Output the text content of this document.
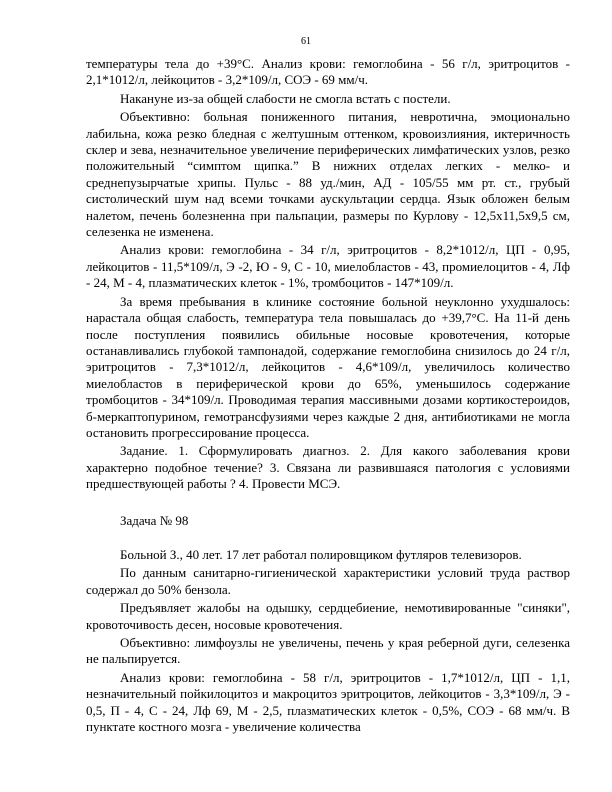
61

температуры тела до +39°С. Анализ крови: гемоглобина - 56 г/л, эритроцитов - 2,1*1012/л, лейкоцитов - 3,2*109/л, СОЭ - 69 мм/ч.

Накануне из-за общей слабости не смогла встать с постели.

Объективно: больная пониженного питания, невротична, эмоционально лабильна, кожа резко бледная с желтушным оттенком, кровоизлияния, иктеричность склер и зева, незначительное увеличение периферических лимфатических узлов, резко положительный “симптом щипка.” В нижних отделах легких - мелко- и среднепузырчатые хрипы. Пульс - 88 уд./мин, АД - 105/55 мм рт. ст., грубый систолический шум над всеми точками аускультации сердца. Язык обложен белым налетом, печень болезненна при пальпации, размеры по Курлову - 12,5x11,5x9,5 см, селезенка не изменена.

Анализ крови: гемоглобина - 34 г/л, эритроцитов - 8,2*1012/л, ЦП - 0,95, лейкоцитов - 11,5*109/л, Э -2, Ю - 9, С - 10, миелобластов - 43, промиелоцитов - 4, Лф - 24, М - 4, плазматических клеток - 1%, тромбоцитов - 147*109/л.

За время пребывания в клинике состояние больной неуклонно ухудшалось: нарастала общая слабость, температура тела повышалась до +39,7°С. На 11-й день после поступления появились обильные носовые кровотечения, которые останавливались глубокой тампонадой, содержание гемоглобина снизилось до 24 г/л, эритроцитов - 7,3*1012/л, лейкоцитов - 4,6*109/л, увеличилось количество миелобластов в периферической крови до 65%, уменьшилось содержание тромбоцитов - 34*109/л. Проводимая терапия массивными дозами кортикостероидов, б-меркаптопурином, гемотрансфузиями через каждые 2 дня, антибиотиками не могла остановить прогрессирование процесса.

Задание. 1. Сформулировать диагноз. 2. Для какого заболевания крови характерно подобное течение? 3. Связана ли развившаяся патология с условиями предшествующей работы ? 4. Провести МСЭ.

Задача № 98

Больной З., 40 лет. 17 лет работал полировщиком футляров телевизоров.

По данным санитарно-гигиенической характеристики условий труда раствор содержал до 50% бензола.

Предъявляет жалобы на одышку, сердцебиение, немотивированные "синяки", кровоточивость десен, носовые кровотечения.

Объективно: лимфоузлы не увеличены, печень у края реберной дуги, селезенка не пальпируется.

Анализ крови: гемоглобина - 58 г/л, эритроцитов - 1,7*1012/л, ЦП - 1,1, незначительный пойкилоцитоз и макроцитоз эритроцитов, лейкоцитов - 3,3*109/л, Э - 0,5, П - 4, С - 24, Лф 69, М - 2,5, плазматических клеток - 0,5%, СОЭ - 68 мм/ч. В пунктате костного мозга - увеличение количества
